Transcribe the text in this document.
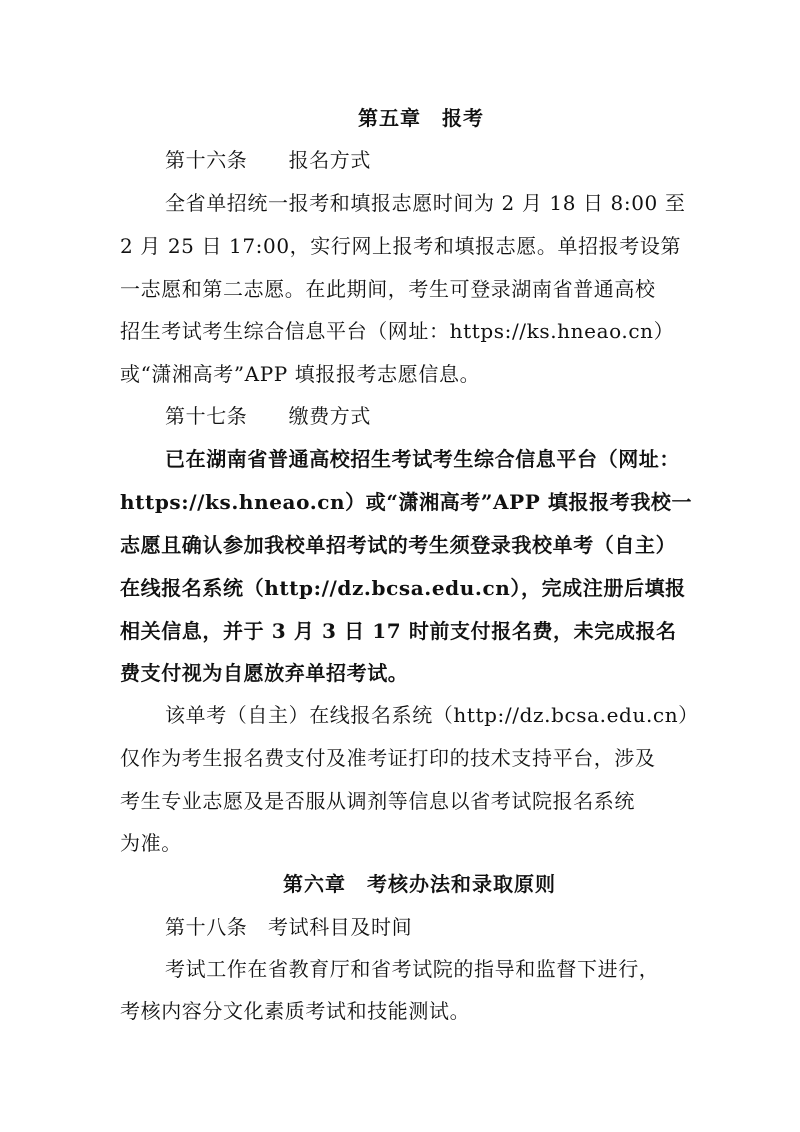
第五章　报考
第十六条　　报名方式
全省单招统一报考和填报志愿时间为 2 月 18 日 8:00 至
2 月 25 日 17:00，实行网上报考和填报志愿。单招报考设第
一志愿和第二志愿。在此期间，考生可登录湖南省普通高校
招生考试考生综合信息平台（网址：https://ks.hneao.cn）
或“潇湘高考”APP 填报报考志愿信息。
第十七条　　缴费方式
已在湖南省普通高校招生考试考生综合信息平台（网址：
https://ks.hneao.cn）或“潇湘高考”APP 填报报考我校一
志愿且确认参加我校单招考试的考生须登录我校单考（自主）
在线报名系统（http://dz.bcsa.edu.cn），完成注册后填报
相关信息，并于 3 月 3 日 17 时前支付报名费，未完成报名
费支付视为自愿放弃单招考试。
该单考（自主）在线报名系统（http://dz.bcsa.edu.cn）
仅作为考生报名费支付及准考证打印的技术支持平台，涉及
考生专业志愿及是否服从调剂等信息以省考试院报名系统
为准。
第六章　考核办法和录取原则
第十八条　考试科目及时间
考试工作在省教育厅和省考试院的指导和监督下进行，
考核内容分文化素质考试和技能测试。
